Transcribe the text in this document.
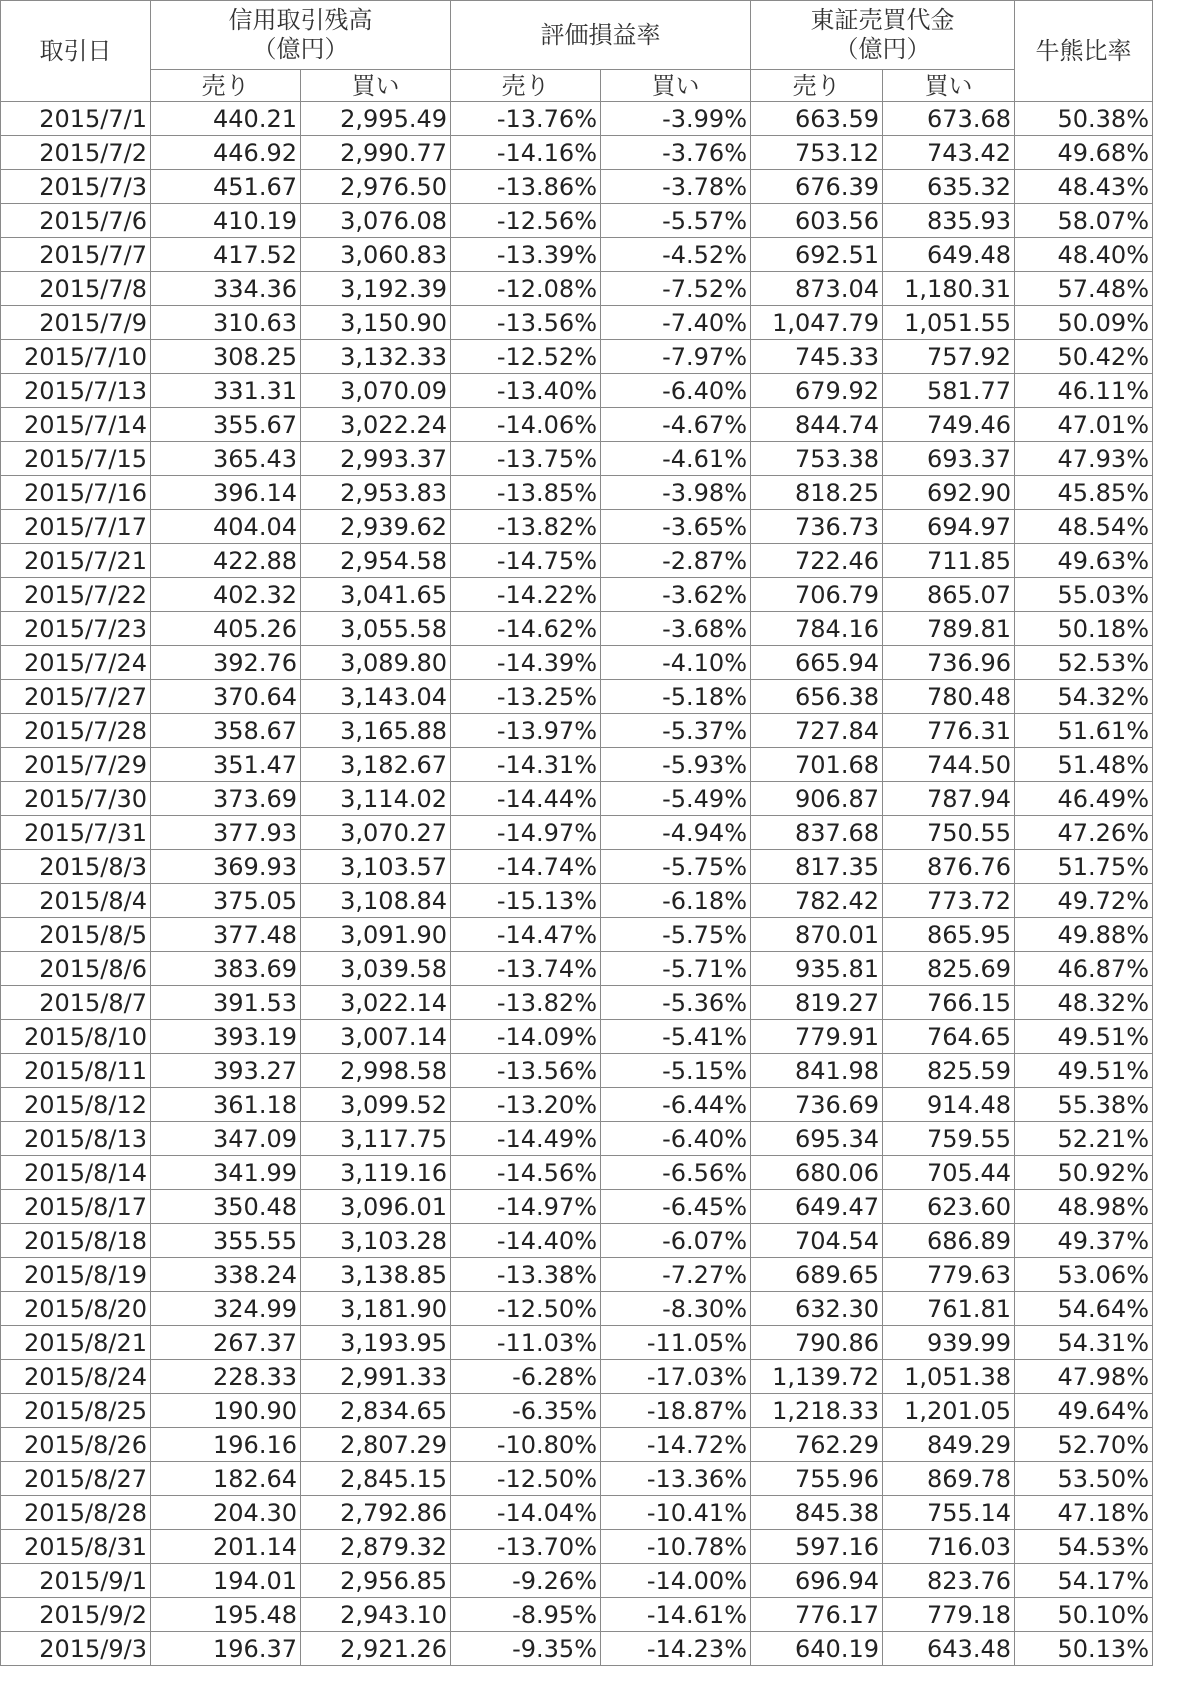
取引日	信用取引残高
（億円）		評価損益率		東証売買代金
（億円）		牛熊比率
	売り	買い	売り	買い	売り	買い	
2015/7/1	440.21	2,995.49	-13.76%	-3.99%	663.59	673.68	50.38%
2015/7/2	446.92	2,990.77	-14.16%	-3.76%	753.12	743.42	49.68%
2015/7/3	451.67	2,976.50	-13.86%	-3.78%	676.39	635.32	48.43%
2015/7/6	410.19	3,076.08	-12.56%	-5.57%	603.56	835.93	58.07%
2015/7/7	417.52	3,060.83	-13.39%	-4.52%	692.51	649.48	48.40%
2015/7/8	334.36	3,192.39	-12.08%	-7.52%	873.04	1,180.31	57.48%
2015/7/9	310.63	3,150.90	-13.56%	-7.40%	1,047.79	1,051.55	50.09%
2015/7/10	308.25	3,132.33	-12.52%	-7.97%	745.33	757.92	50.42%
2015/7/13	331.31	3,070.09	-13.40%	-6.40%	679.92	581.77	46.11%
2015/7/14	355.67	3,022.24	-14.06%	-4.67%	844.74	749.46	47.01%
2015/7/15	365.43	2,993.37	-13.75%	-4.61%	753.38	693.37	47.93%
2015/7/16	396.14	2,953.83	-13.85%	-3.98%	818.25	692.90	45.85%
2015/7/17	404.04	2,939.62	-13.82%	-3.65%	736.73	694.97	48.54%
2015/7/21	422.88	2,954.58	-14.75%	-2.87%	722.46	711.85	49.63%
2015/7/22	402.32	3,041.65	-14.22%	-3.62%	706.79	865.07	55.03%
2015/7/23	405.26	3,055.58	-14.62%	-3.68%	784.16	789.81	50.18%
2015/7/24	392.76	3,089.80	-14.39%	-4.10%	665.94	736.96	52.53%
2015/7/27	370.64	3,143.04	-13.25%	-5.18%	656.38	780.48	54.32%
2015/7/28	358.67	3,165.88	-13.97%	-5.37%	727.84	776.31	51.61%
2015/7/29	351.47	3,182.67	-14.31%	-5.93%	701.68	744.50	51.48%
2015/7/30	373.69	3,114.02	-14.44%	-5.49%	906.87	787.94	46.49%
2015/7/31	377.93	3,070.27	-14.97%	-4.94%	837.68	750.55	47.26%
2015/8/3	369.93	3,103.57	-14.74%	-5.75%	817.35	876.76	51.75%
2015/8/4	375.05	3,108.84	-15.13%	-6.18%	782.42	773.72	49.72%
2015/8/5	377.48	3,091.90	-14.47%	-5.75%	870.01	865.95	49.88%
2015/8/6	383.69	3,039.58	-13.74%	-5.71%	935.81	825.69	46.87%
2015/8/7	391.53	3,022.14	-13.82%	-5.36%	819.27	766.15	48.32%
2015/8/10	393.19	3,007.14	-14.09%	-5.41%	779.91	764.65	49.51%
2015/8/11	393.27	2,998.58	-13.56%	-5.15%	841.98	825.59	49.51%
2015/8/12	361.18	3,099.52	-13.20%	-6.44%	736.69	914.48	55.38%
2015/8/13	347.09	3,117.75	-14.49%	-6.40%	695.34	759.55	52.21%
2015/8/14	341.99	3,119.16	-14.56%	-6.56%	680.06	705.44	50.92%
2015/8/17	350.48	3,096.01	-14.97%	-6.45%	649.47	623.60	48.98%
2015/8/18	355.55	3,103.28	-14.40%	-6.07%	704.54	686.89	49.37%
2015/8/19	338.24	3,138.85	-13.38%	-7.27%	689.65	779.63	53.06%
2015/8/20	324.99	3,181.90	-12.50%	-8.30%	632.30	761.81	54.64%
2015/8/21	267.37	3,193.95	-11.03%	-11.05%	790.86	939.99	54.31%
2015/8/24	228.33	2,991.33	-6.28%	-17.03%	1,139.72	1,051.38	47.98%
2015/8/25	190.90	2,834.65	-6.35%	-18.87%	1,218.33	1,201.05	49.64%
2015/8/26	196.16	2,807.29	-10.80%	-14.72%	762.29	849.29	52.70%
2015/8/27	182.64	2,845.15	-12.50%	-13.36%	755.96	869.78	53.50%
2015/8/28	204.30	2,792.86	-14.04%	-10.41%	845.38	755.14	47.18%
2015/8/31	201.14	2,879.32	-13.70%	-10.78%	597.16	716.03	54.53%
2015/9/1	194.01	2,956.85	-9.26%	-14.00%	696.94	823.76	54.17%
2015/9/2	195.48	2,943.10	-8.95%	-14.61%	776.17	779.18	50.10%
2015/9/3	196.37	2,921.26	-9.35%	-14.23%	640.19	643.48	50.13%
